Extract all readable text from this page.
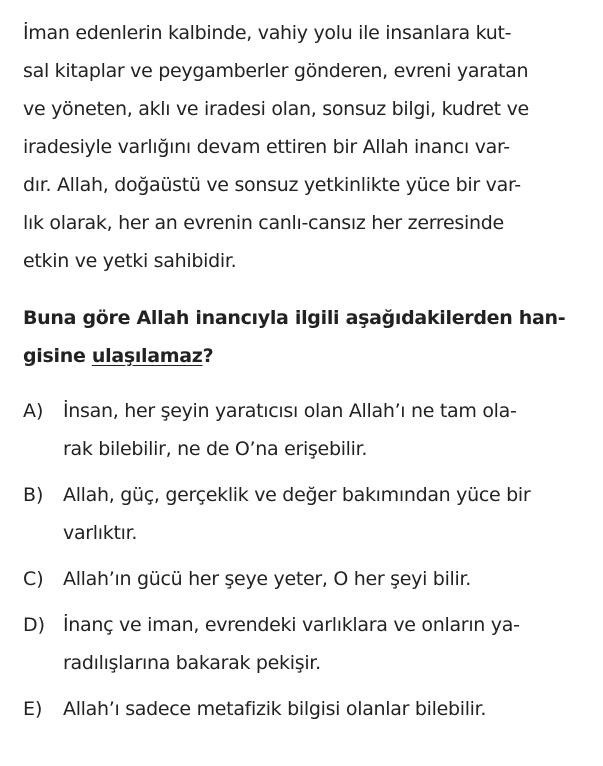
İman edenlerin kalbinde, vahiy yolu ile insanlara kut-
sal kitaplar ve peygamberler gönderen, evreni yaratan
ve yöneten, aklı ve iradesi olan, sonsuz bilgi, kudret ve
iradesiyle varlığını devam ettiren bir Allah inancı var-
dır. Allah, doğaüstü ve sonsuz yetkinlikte yüce bir var-
lık olarak, her an evrenin canlı-cansız her zerresinde
etkin ve yetki sahibidir.
Buna göre Allah inancıyla ilgili aşağıdakilerden han-
gisine ulaşılamaz?
A)	İnsan, her şeyin yaratıcısı olan Allah’ı ne tam ola-
rak bilebilir, ne de O’na erişebilir.
B)	Allah, güç, gerçeklik ve değer bakımından yüce bir
varlıktır.
C)	Allah’ın gücü her şeye yeter, O her şeyi bilir.
D) İnanç ve iman, evrendeki varlıklara ve onların ya-
radılışlarına bakarak pekişir.
E)	Allah’ı sadece metafizik bilgisi olanlar bilebilir.
